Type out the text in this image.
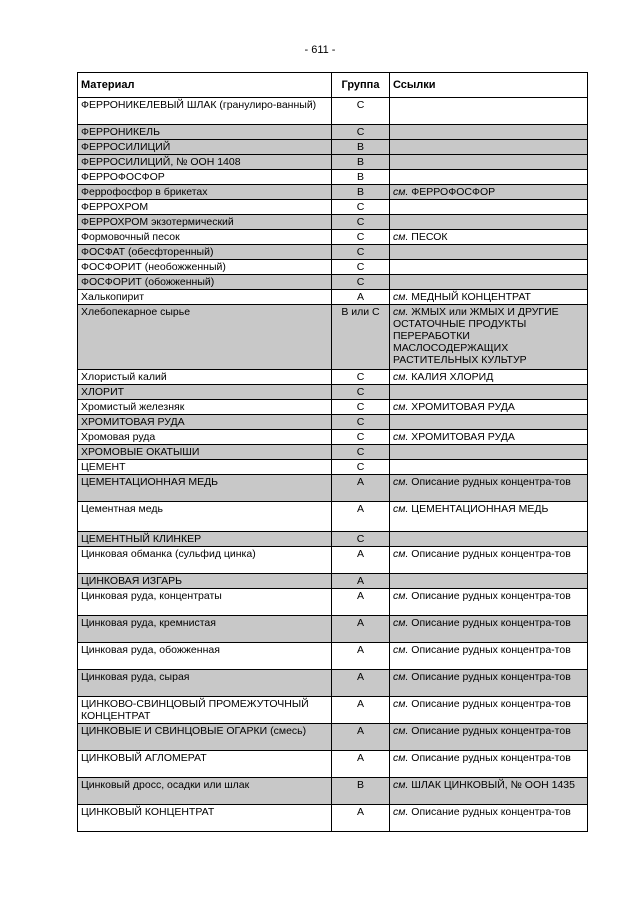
- 611 -
Материал	Группа	Ссылки
ФЕРРОНИКЕЛЕВЫЙ ШЛАК (гранулиро-ванный)	С	
ФЕРРОНИКЕЛЬ	С	
ФЕРРОСИЛИЦИЙ	В	
ФЕРРОСИЛИЦИЙ, № ООН 1408	В	
ФЕРРОФОСФОР	В	
Феррофосфор в брикетах	В	см. ФЕРРОФОСФОР
ФЕРРОХРОМ	С	
ФЕРРОХРОМ экзотермический	С	
Формовочный песок	С	см. ПЕСОК
ФОСФАТ (обесфторенный)	С	
ФОСФОРИТ (необожженный)	С	
ФОСФОРИТ (обожженный)	С	
Халькопирит	А	см. МЕДНЫЙ КОНЦЕНТРАТ
Хлебопекарное сырье	В или С	см. ЖМЫХ или ЖМЫХ И ДРУГИЕ ОСТАТОЧНЫЕ ПРОДУКТЫ ПЕРЕРАБОТКИ МАСЛОСОДЕРЖАЩИХ РАСТИТЕЛЬНЫХ КУЛЬТУР
Хлористый калий	С	см. КАЛИЯ ХЛОРИД
ХЛОРИТ	С	
Хромистый железняк	С	см. ХРОМИТОВАЯ РУДА
ХРОМИТОВАЯ РУДА	С	
Хромовая руда	С	см. ХРОМИТОВАЯ РУДА
ХРОМОВЫЕ ОКАТЫШИ	С	
ЦЕМЕНТ	С	
ЦЕМЕНТАЦИОННАЯ МЕДЬ	А	см. Описание рудных концентра-тов
Цементная медь	А	см. ЦЕМЕНТАЦИОННАЯ МЕДЬ
ЦЕМЕНТНЫЙ КЛИНКЕР	С	
Цинковая обманка (сульфид цинка)	А	см. Описание рудных концентра-тов
ЦИНКОВАЯ ИЗГАРЬ	А	
Цинковая руда, концентраты	А	см. Описание рудных концентра-тов
Цинковая руда, кремнистая	А	см. Описание рудных концентра-тов
Цинковая руда, обожженная	А	см. Описание рудных концентра-тов
Цинковая руда, сырая	А	см. Описание рудных концентра-тов
ЦИНКОВО-СВИНЦОВЫЙ ПРОМЕЖУТОЧНЫЙ КОНЦЕНТРАТ	А	см. Описание рудных концентра-тов
ЦИНКОВЫЕ И СВИНЦОВЫЕ ОГАРКИ (смесь)	А	см. Описание рудных концентра-тов
ЦИНКОВЫЙ АГЛОМЕРАТ	А	см. Описание рудных концентра-тов
Цинковый дросс, осадки или шлак	В	см. ШЛАК ЦИНКОВЫЙ, № ООН 1435
ЦИНКОВЫЙ КОНЦЕНТРАТ	А	см. Описание рудных концентра-тов
